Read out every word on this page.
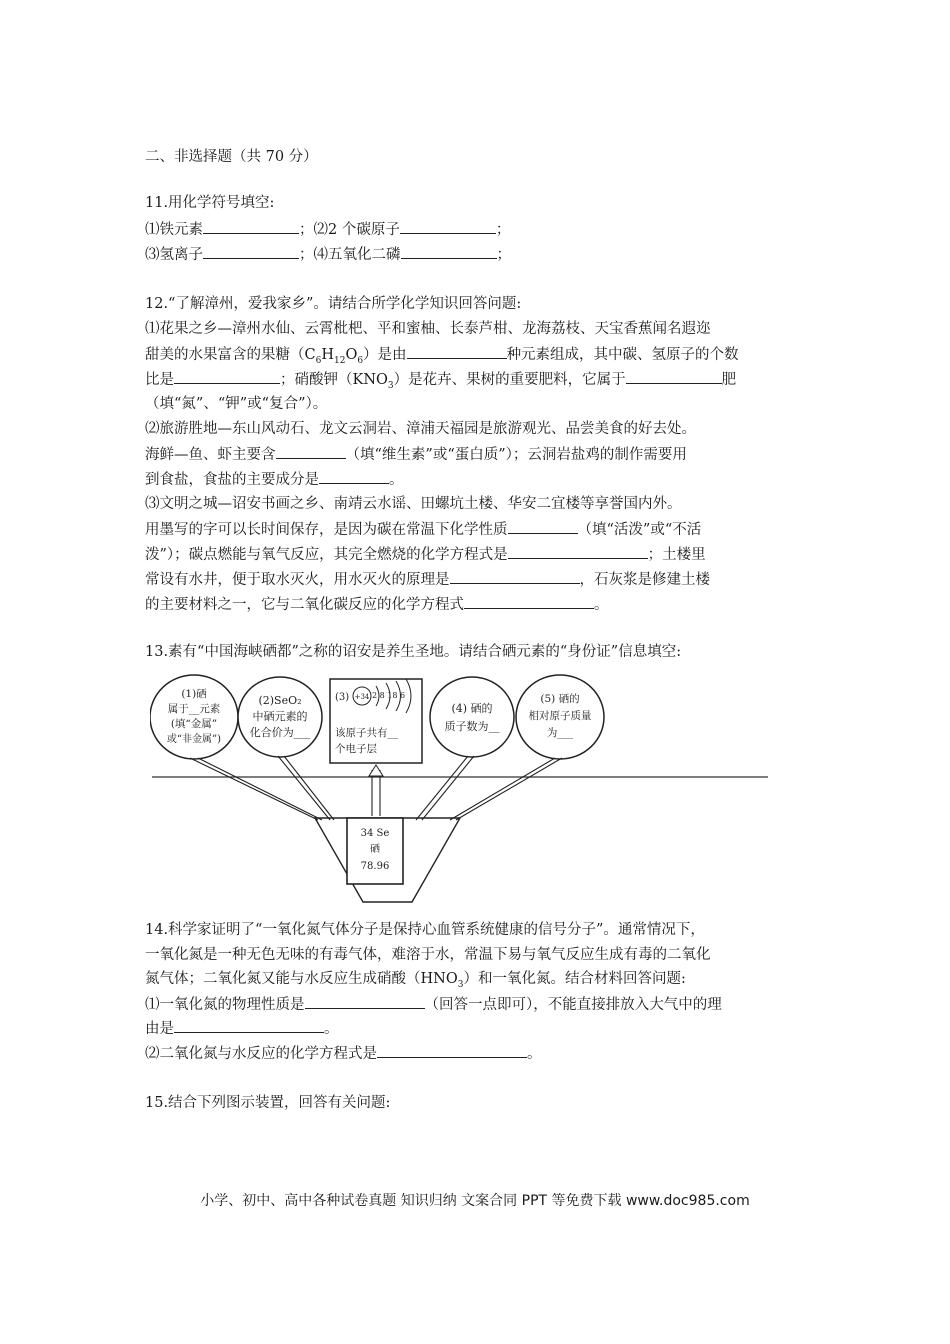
二、非选择题（共 70 分）
11.用化学符号填空:
⑴铁元素	；⑵2 个碳原子	；
⑶氢离子	；⑷五氧化二磷	；
12.“了解漳州，爱我家乡”。请结合所学化学知识回答问题:
⑴花果之乡—漳州水仙、云霄枇杷、平和蜜柚、长泰芦柑、龙海荔枝、天宝香蕉闻名遐迩
甜美的水果富含的果糖$(C_6H_{12}O_6)$是由	种元素组成，其中碳、氢原子的个数
比是	；硝酸钾$(KNO_3)$是花卉、果树的重要肥料，它属于	肥
（填“氮”、“钾”或“复合”）。
⑵旅游胜地—东山风动石、龙文云洞岩、漳浦天福园是旅游观光、品尝美食的好去处。
海鲜—鱼、虾主要含	（填“维生素”或“蛋白质”）；云洞岩盐鸡的制作需要用
到食盐，食盐的主要成分是	。
⑶文明之城—诏安书画之乡、南靖云水谣、田螺坑土楼、华安二宜楼等享誉国内外。
用墨写的字可以长时间保存，是因为碳在常温下化学性质	（填“活泼”或“不活
泼”）；碳点燃能与氧气反应，其完全燃烧的化学方程式是	；土楼里
常设有水井，便于取水灭火，用水灭火的原理是	，石灰浆是修建土楼
的主要材料之一，它与二氧化碳反应的化学方程式	。
13.素有“中国海峡硒都”之称的诏安是养生圣地。请结合硒元素的“身份证”信息填空:
(1)硒
属于__元素
(填“金属”
或“非金属”)
(2)SeO₂
中硒元素的
化合价为___
(3) +34 2 8 18 6
该原子共有__
个电子层
(4) 硒的
质子数为__
(5) 硒的
相对原子质量
为___
34 Se
硒
78.96
14.科学家证明了“一氧化氮气体分子是保持心血管系统健康的信号分子”。通常情况下，
一氧化氮是一种无色无味的有毒气体，难溶于水，常温下易与氧气反应生成有毒的二氧化
氮气体；二氧化氮又能与水反应生成硝酸$(HNO_3)$和一氧化氮。结合材料回答问题:
⑴一氧化氮的物理性质是	（回答一点即可），不能直接排放入大气中的理
由是	。
⑵二氧化氮与水反应的化学方程式是	。
15.结合下列图示装置，回答有关问题:
小学、初中、高中各种试卷真题 知识归纳 文案合同 PPT 等免费下载 www.doc985.com
